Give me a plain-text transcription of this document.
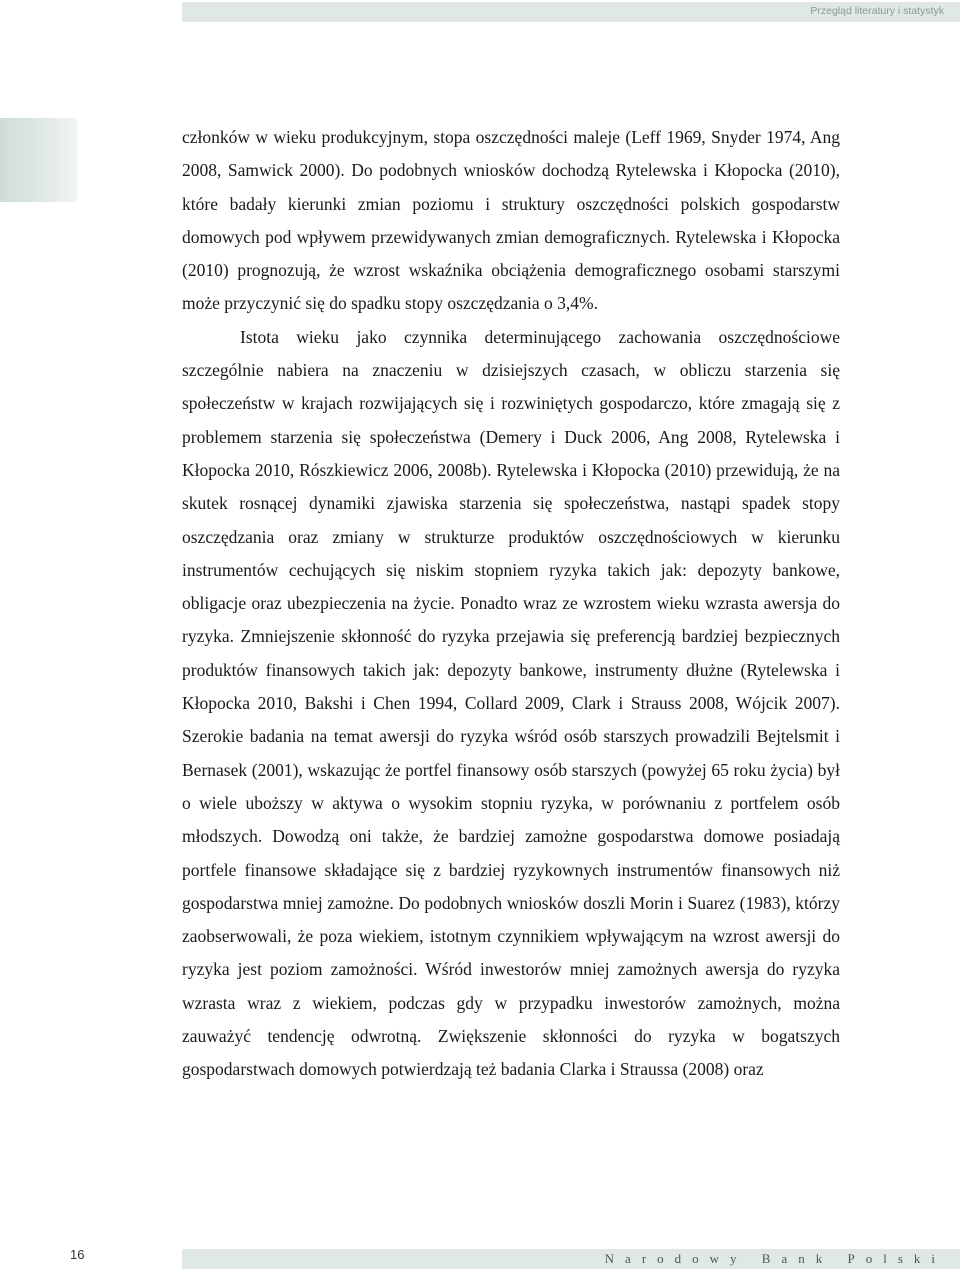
Przegląd literatury i statystyk

członków w wieku produkcyjnym, stopa oszczędności maleje (Leff 1969, Snyder 1974, Ang 2008, Samwick 2000). Do podobnych wniosków dochodzą Rytelewska i Kłopocka (2010), które badały kierunki zmian poziomu i struktury oszczędności polskich gospodarstw domowych pod wpływem przewidywanych zmian demograficznych. Rytelewska i Kłopocka (2010) prognozują, że wzrost wskaźnika obciążenia demograficznego osobami starszymi może przyczynić się do spadku stopy oszczędzania o 3,4%.

Istota wieku jako czynnika determinującego zachowania oszczędnościowe szczególnie nabiera na znaczeniu w dzisiejszych czasach, w obliczu starzenia się społeczeństw w krajach rozwijających się i rozwiniętych gospodarczo, które zmagają się z problemem starzenia się społeczeństwa (Demery i Duck 2006, Ang 2008, Rytelewska i Kłopocka 2010, Rószkiewicz 2006, 2008b). Rytelewska i Kłopocka (2010) przewidują, że na skutek rosnącej dynamiki zjawiska starzenia się społeczeństwa, nastąpi spadek stopy oszczędzania oraz zmiany w strukturze produktów oszczędnościowych w kierunku instrumentów cechujących się niskim stopniem ryzyka takich jak: depozyty bankowe, obligacje oraz ubezpieczenia na życie. Ponadto wraz ze wzrostem wieku wzrasta awersja do ryzyka. Zmniejszenie skłonność do ryzyka przejawia się preferencją bardziej bezpiecznych produktów finansowych takich jak: depozyty bankowe, instrumenty dłużne (Rytelewska i Kłopocka 2010, Bakshi i Chen 1994, Collard 2009, Clark i Strauss 2008, Wójcik 2007). Szerokie badania na temat awersji do ryzyka wśród osób starszych prowadzili Bejtelsmit i Bernasek (2001), wskazując że portfel finansowy osób starszych (powyżej 65 roku życia) był o wiele uboższy w aktywa o wysokim stopniu ryzyka, w porównaniu z portfelem osób młodszych. Dowodzą oni także, że bardziej zamożne gospodarstwa domowe posiadają portfele finansowe składające się z bardziej ryzykownych instrumentów finansowych niż gospodarstwa mniej zamożne. Do podobnych wniosków doszli Morin i Suarez (1983), którzy zaobserwowali, że poza wiekiem, istotnym czynnikiem wpływającym na wzrost awersji do ryzyka jest poziom zamożności. Wśród inwestorów mniej zamożnych awersja do ryzyka wzrasta wraz z wiekiem, podczas gdy w przypadku inwestorów zamożnych, można zauważyć tendencję odwrotną. Zwiększenie skłonności do ryzyka w bogatszych gospodarstwach domowych potwierdzają też badania Clarka i Straussa (2008) oraz

16	Narodowy Bank Polski
